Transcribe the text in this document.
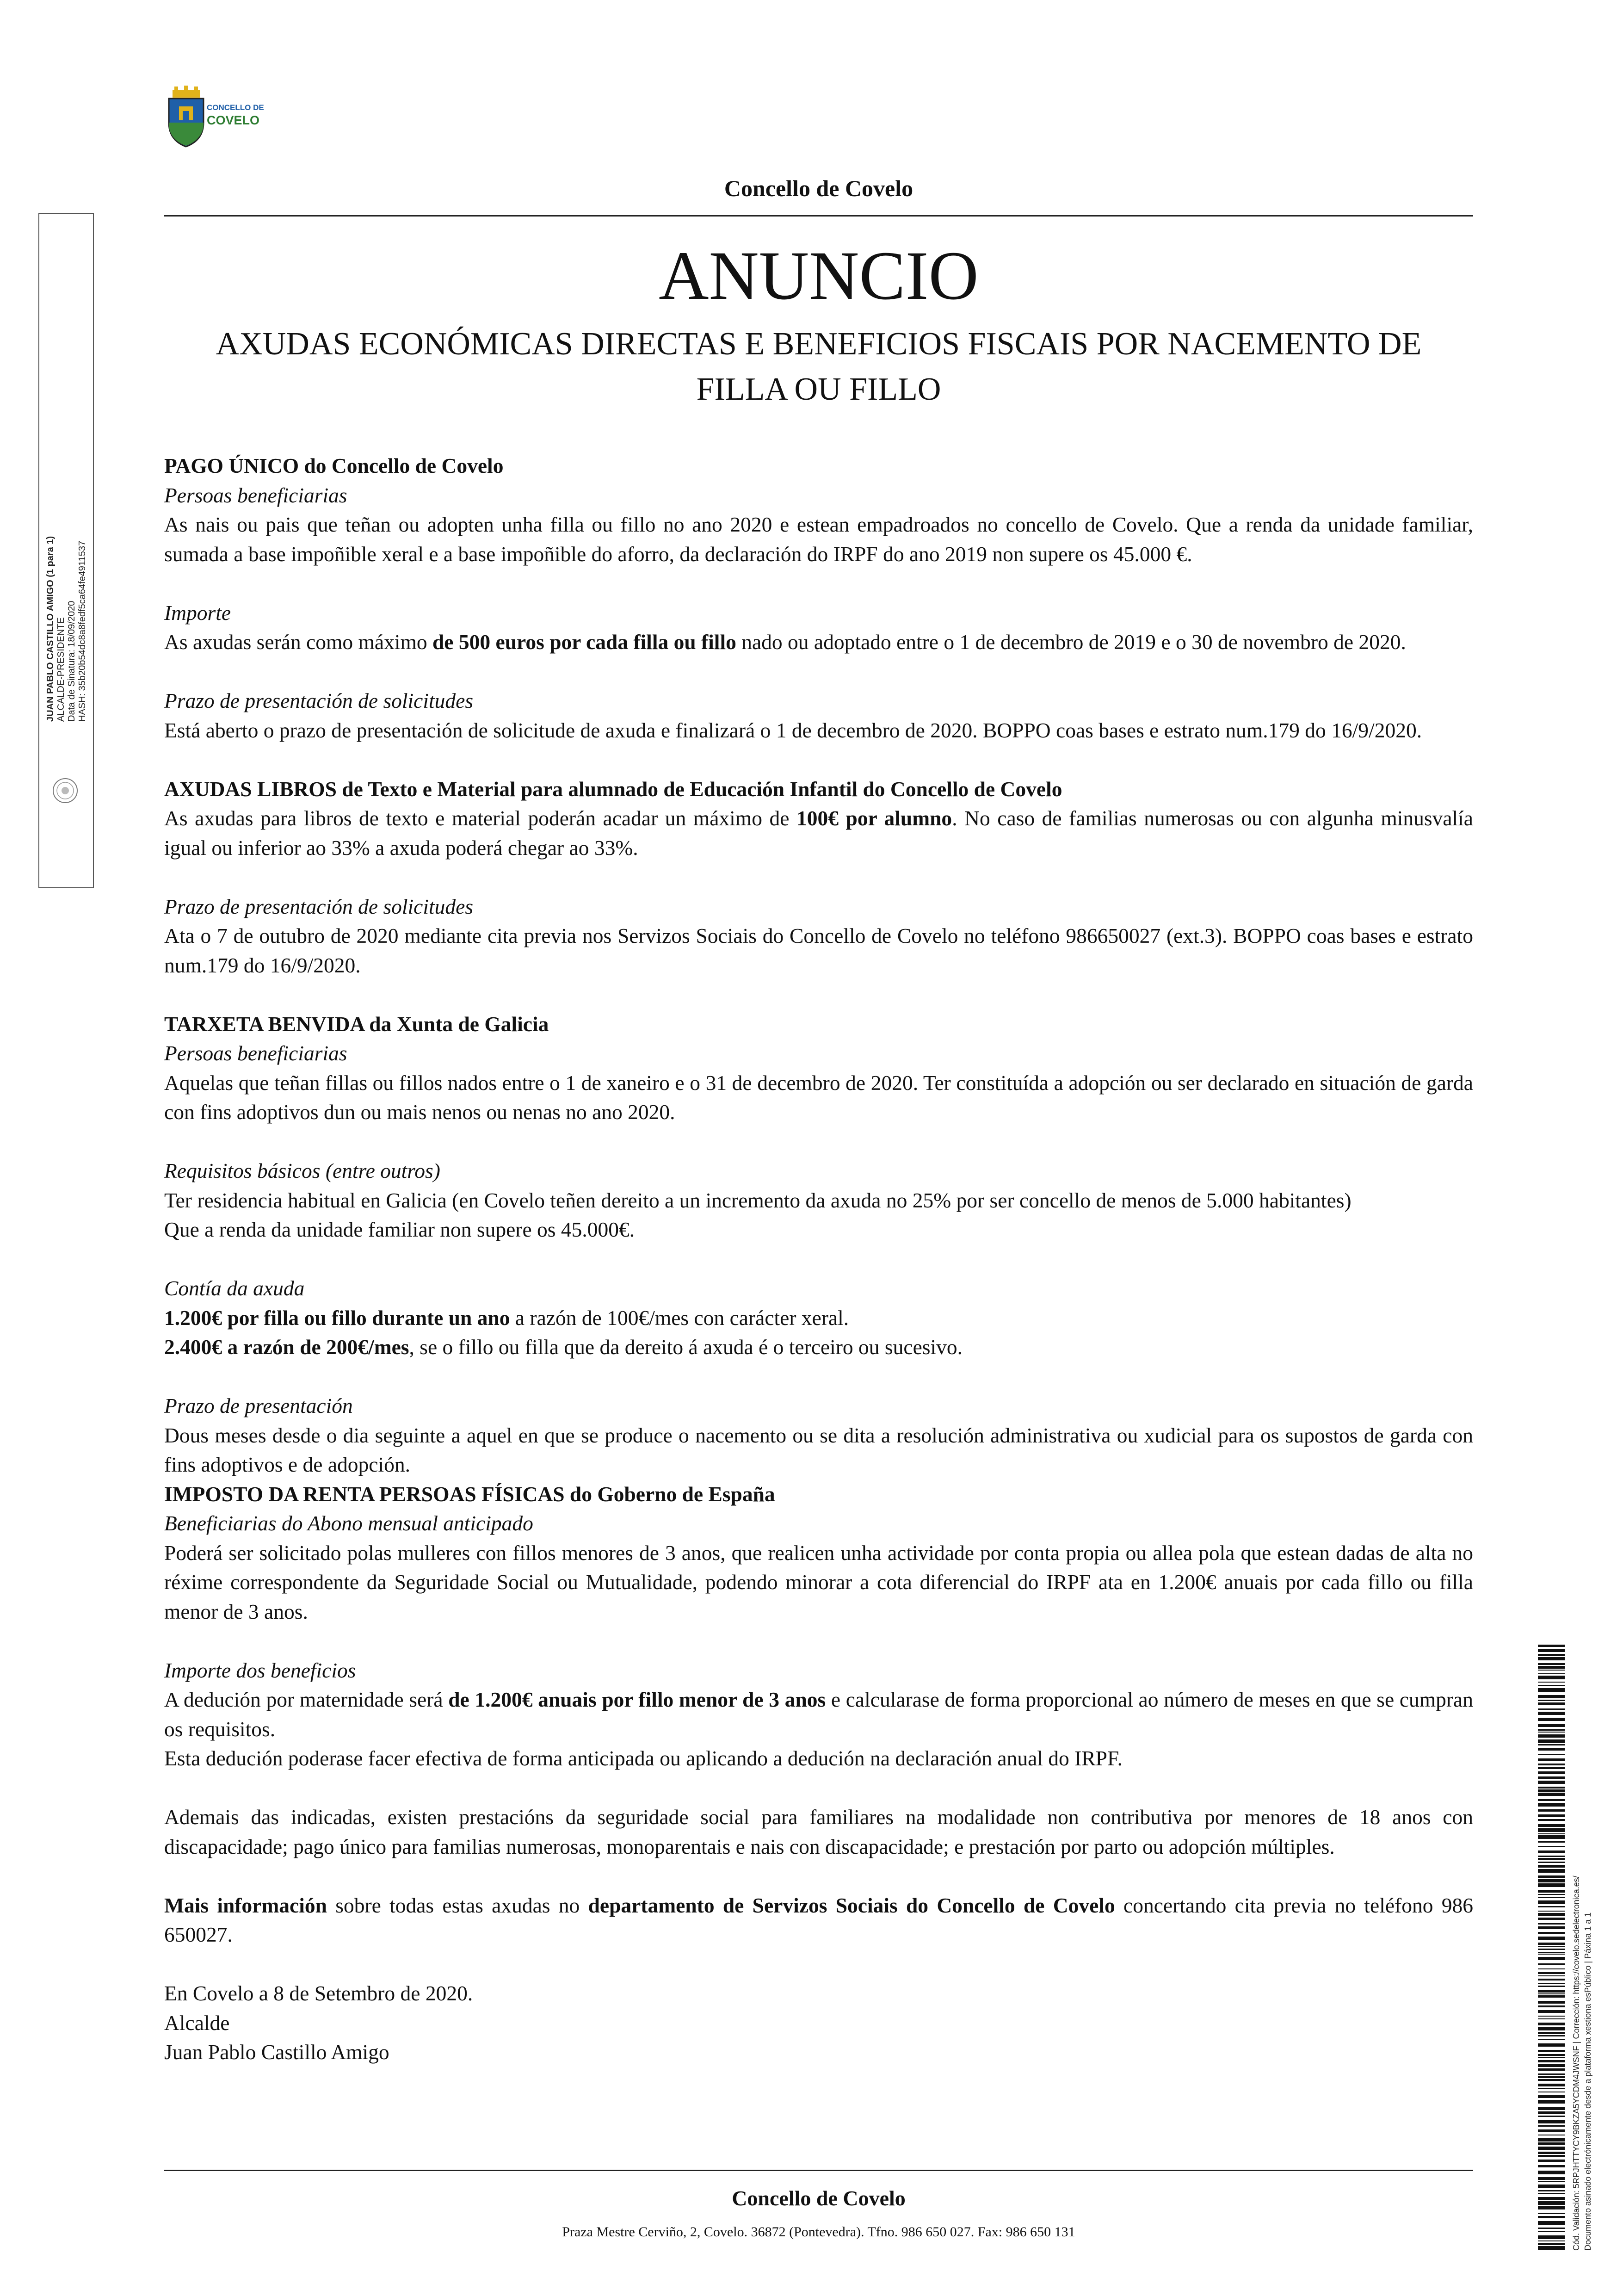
CONCELLO DE
COVELO
Concello de Covelo
ANUNCIO
AXUDAS ECONÓMICAS DIRECTAS E BENEFICIOS FISCAIS POR NACEMENTO DE
FILLA OU FILLO

PAGO ÚNICO do Concello de Covelo

Persoas beneficiarias

As nais ou pais que teñan ou adopten unha filla ou fillo no ano 2020 e estean empadroados no concello de Covelo. Que a renda da unidade familiar, sumada a base impoñible xeral e a base impoñible do aforro, da declaración do IRPF do ano 2019 non supere os 45.000 €.

Importe

As axudas serán como máximo de 500 euros por cada filla ou fillo nado ou adoptado entre o 1 de decembro de 2019 e o 30 de novembro de 2020.

Prazo de presentación de solicitudes

Está aberto o prazo de presentación de solicitude de axuda e finalizará o 1 de decembro de 2020. BOPPO coas bases e estrato num.179 do 16/9/2020.

AXUDAS LIBROS de Texto e Material para alumnado de Educación Infantil do Concello de Covelo

As axudas para libros de texto e material poderán acadar un máximo de 100€ por alumno. No caso de familias numerosas ou con algunha minusvalía igual ou inferior ao 33% a axuda poderá chegar ao 33%.

Prazo de presentación de solicitudes

Ata o 7 de outubro de 2020 mediante cita previa nos Servizos Sociais do Concello de Covelo no teléfono 986650027 (ext.3). BOPPO coas bases e estrato num.179 do 16/9/2020.

TARXETA BENVIDA da Xunta de Galicia

Persoas beneficiarias

Aquelas que teñan fillas ou fillos nados entre o 1 de xaneiro e o 31 de decembro de 2020. Ter constituída a adopción ou ser declarado en situación de garda con fins adoptivos dun ou mais nenos ou nenas no ano 2020.

Requisitos básicos (entre outros)

Ter residencia habitual en Galicia (en Covelo teñen dereito a un incremento da axuda no 25% por ser concello de menos de 5.000 habitantes)

Que a renda da unidade familiar non supere os 45.000€.

Contía da axuda

1.200€ por filla ou fillo durante un ano a razón de 100€/mes con carácter xeral.

2.400€ a razón de 200€/mes, se o fillo ou filla que da dereito á axuda é o terceiro ou sucesivo.

Prazo de presentación

Dous meses desde o dia seguinte a aquel en que se produce o nacemento ou se dita a resolución administrativa ou xudicial para os supostos de garda con fins adoptivos e de adopción.

IMPOSTO DA RENTA PERSOAS FÍSICAS do Goberno de España

Beneficiarias do Abono mensual anticipado

Poderá ser solicitado polas mulleres con fillos menores de 3 anos, que realicen unha actividade por conta propia ou allea pola que estean dadas de alta no réxime correspondente da Seguridade Social ou Mutualidade, podendo minorar a cota diferencial do IRPF ata en 1.200€ anuais por cada fillo ou filla menor de 3 anos.

Importe dos beneficios

A dedución por maternidade será de 1.200€ anuais por fillo menor de 3 anos e calcularase de forma proporcional ao número de meses en que se cumpran os requisitos.

Esta dedución poderase facer efectiva de forma anticipada ou aplicando a dedución na declaración anual do IRPF.

Ademais das indicadas, existen prestacións da seguridade social para familiares na modalidade non contributiva por menores de 18 anos con discapacidade; pago único para familias numerosas, monoparentais e nais con discapacidade; e prestación por parto ou adopción múltiples.

Mais información sobre todas estas axudas no departamento de Servizos Sociais do Concello de Covelo concertando cita previa no teléfono 986 650027.

En Covelo a 8 de Setembro de 2020.

Alcalde

Juan Pablo Castillo Amigo

Concello de Covelo
Praza Mestre Cerviño, 2, Covelo. 36872 (Pontevedra). Tfno. 986 650 027. Fax: 986 650 131
JUAN PABLO CASTILLO AMIGO (1 para 1) ALCALDE-PRESIDENTE Data de Sinatura: 18/09/2020 HASH: 35b20b54dc8a8fedf5ca64fe4911537
Cód. Validación: 5RPJHTTYCY9BKZA5YCDM4JWSNF | Corrección: https://covelo.sedelectronica.es/ Documento asinado electrónicamente desde a plataforma xestiona esPúblico | Páxina 1 a 1
